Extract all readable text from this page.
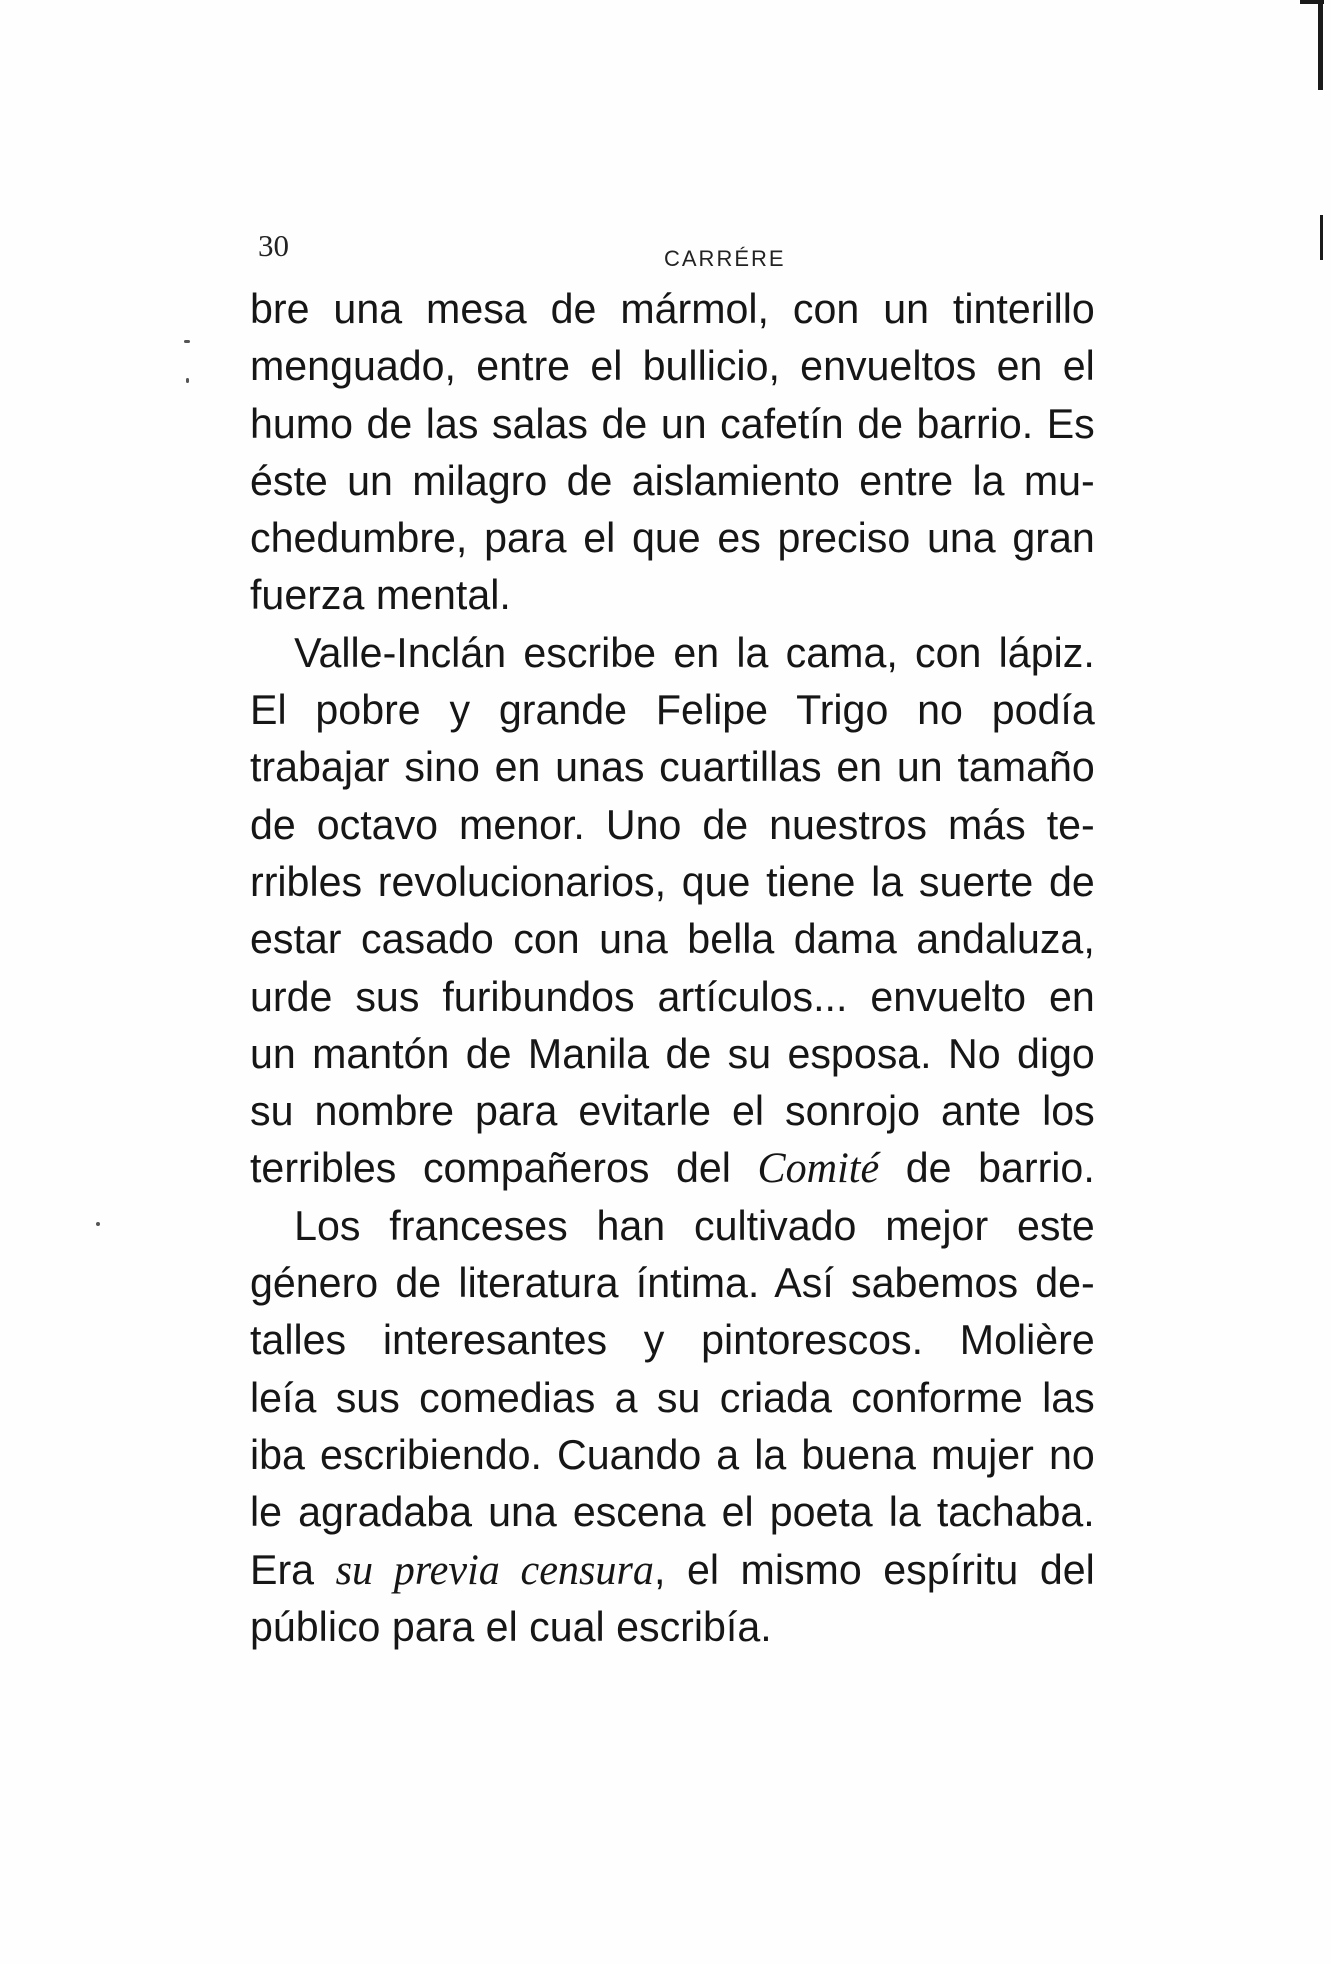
30	CARRÉRE
bre una mesa de mármol, con un tinterillo
menguado, entre el bullicio, envueltos en el
humo de las salas de un cafetín de barrio. Es
éste un milagro de aislamiento entre la mu-
chedumbre, para el que es preciso una gran
fuerza mental.
Valle-Inclán escribe en la cama, con lápiz.
El pobre y grande Felipe Trigo no podía
trabajar sino en unas cuartillas en un tamaño
de octavo menor. Uno de nuestros más te-
rribles revolucionarios, que tiene la suerte de
estar casado con una bella dama andaluza,
urde sus furibundos artículos... envuelto en
un mantón de Manila de su esposa. No digo
su nombre para evitarle el sonrojo ante los
terribles compañeros del Comité de barrio.
Los franceses han cultivado mejor este
género de literatura íntima. Así sabemos de-
talles interesantes y pintorescos. Molière
leía sus comedias a su criada conforme las
iba escribiendo. Cuando a la buena mujer no
le agradaba una escena el poeta la tachaba.
Era su previa censura, el mismo espíritu del
público para el cual escribía.
